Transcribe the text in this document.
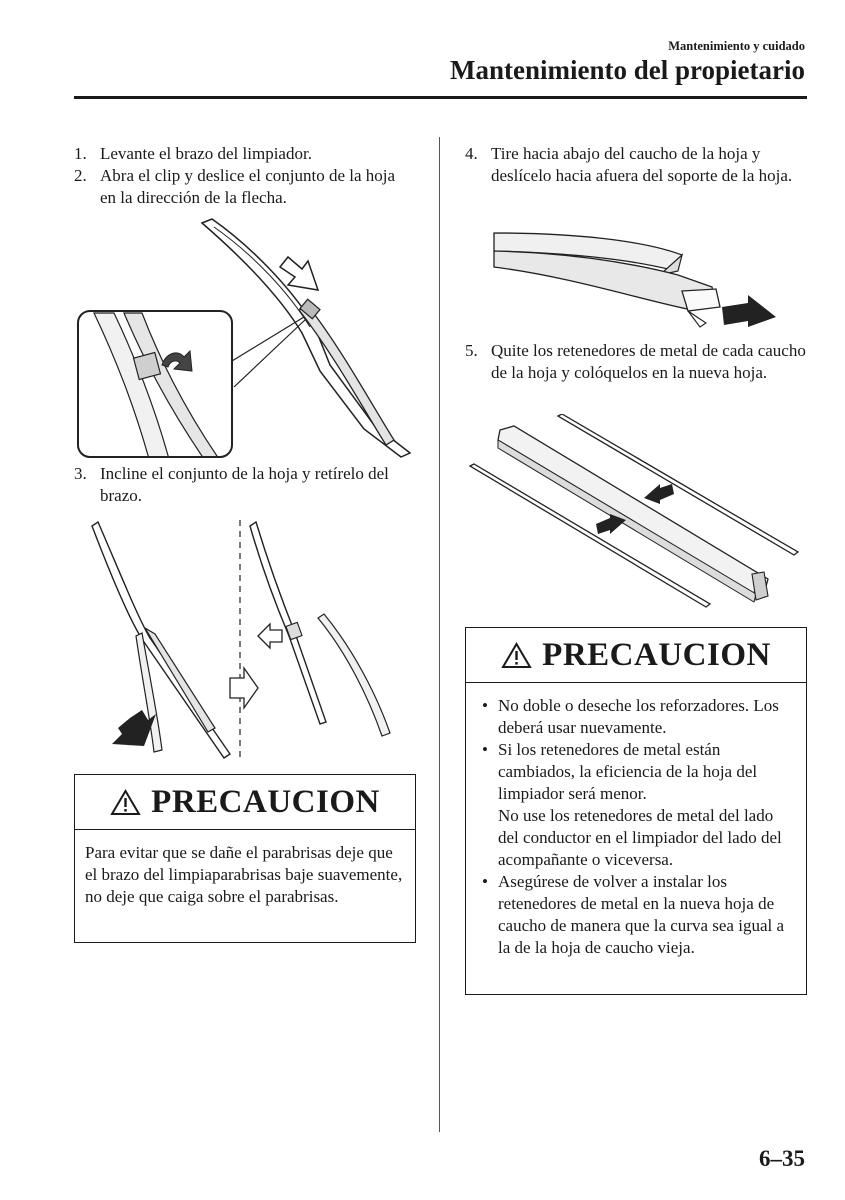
Mantenimiento y cuidado
Mantenimiento del propietario
1. Levante el brazo del limpiador.
2. Abra el clip y deslice el conjunto de la hoja en la dirección de la flecha.
3. Incline el conjunto de la hoja y retírelo del brazo.
PRECAUCION
Para evitar que se dañe el parabrisas deje que el brazo del limpiaparabrisas baje suavemente, no deje que caiga sobre el parabrisas.
4. Tire hacia abajo del caucho de la hoja y deslícelo hacia afuera del soporte de la hoja.
5. Quite los retenedores de metal de cada caucho de la hoja y colóquelos en la nueva hoja.
PRECAUCION
• No doble o deseche los reforzadores. Los deberá usar nuevamente.
• Si los retenedores de metal están cambiados, la eficiencia de la hoja del limpiador será menor.
No use los retenedores de metal del lado del conductor en el limpiador del lado del acompañante o viceversa.
• Asegúrese de volver a instalar los retenedores de metal en la nueva hoja de caucho de manera que la curva sea igual a la de la hoja de caucho vieja.
6–35
